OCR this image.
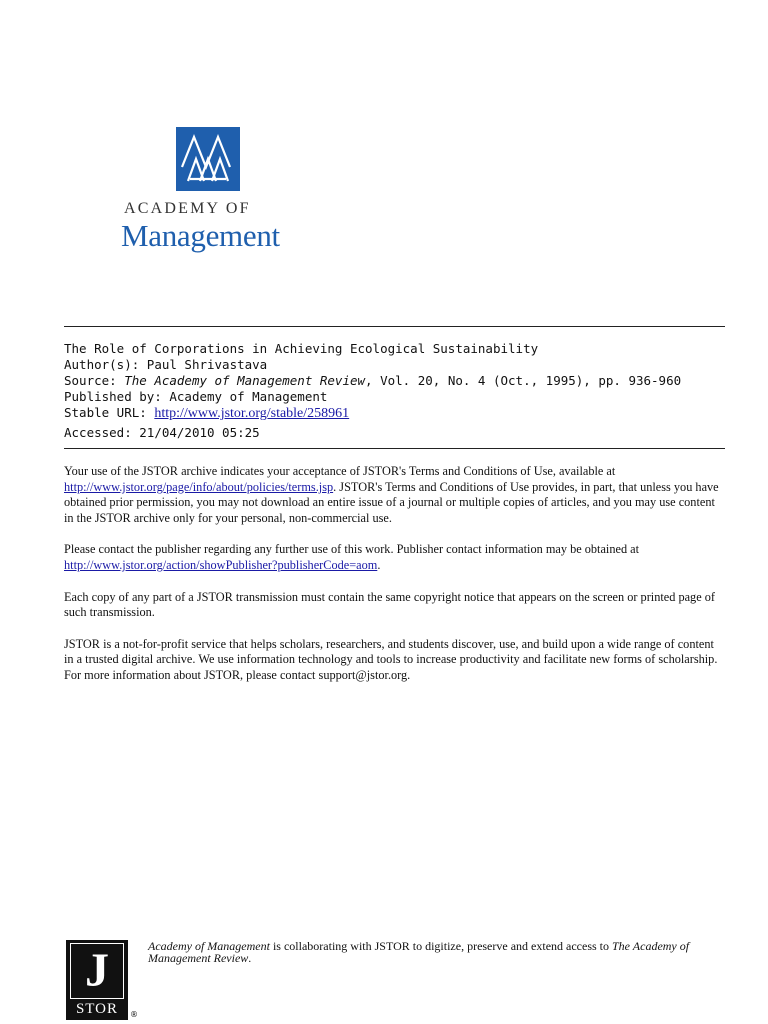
ACADEMY OF
Management
The Role of Corporations in Achieving Ecological Sustainability
Author(s): Paul Shrivastava
Source: The Academy of Management Review, Vol. 20, No. 4 (Oct., 1995), pp. 936-960
Published by: Academy of Management
Stable URL: http://www.jstor.org/stable/258961
Accessed: 21/04/2010 05:25

Your use of the JSTOR archive indicates your acceptance of JSTOR's Terms and Conditions of Use, available at http://www.jstor.org/page/info/about/policies/terms.jsp. JSTOR's Terms and Conditions of Use provides, in part, that unless you have obtained prior permission, you may not download an entire issue of a journal or multiple copies of articles, and you may use content in the JSTOR archive only for your personal, non-commercial use.

Please contact the publisher regarding any further use of this work. Publisher contact information may be obtained at http://www.jstor.org/action/showPublisher?publisherCode=aom.

Each copy of any part of a JSTOR transmission must contain the same copyright notice that appears on the screen or printed page of such transmission.

JSTOR is a not-for-profit service that helps scholars, researchers, and students discover, use, and build upon a wide range of content in a trusted digital archive. We use information technology and tools to increase productivity and facilitate new forms of scholarship. For more information about JSTOR, please contact support@jstor.org.

J
STOR	®
Academy of Management is collaborating with JSTOR to digitize, preserve and extend access to The Academy of Management Review.
